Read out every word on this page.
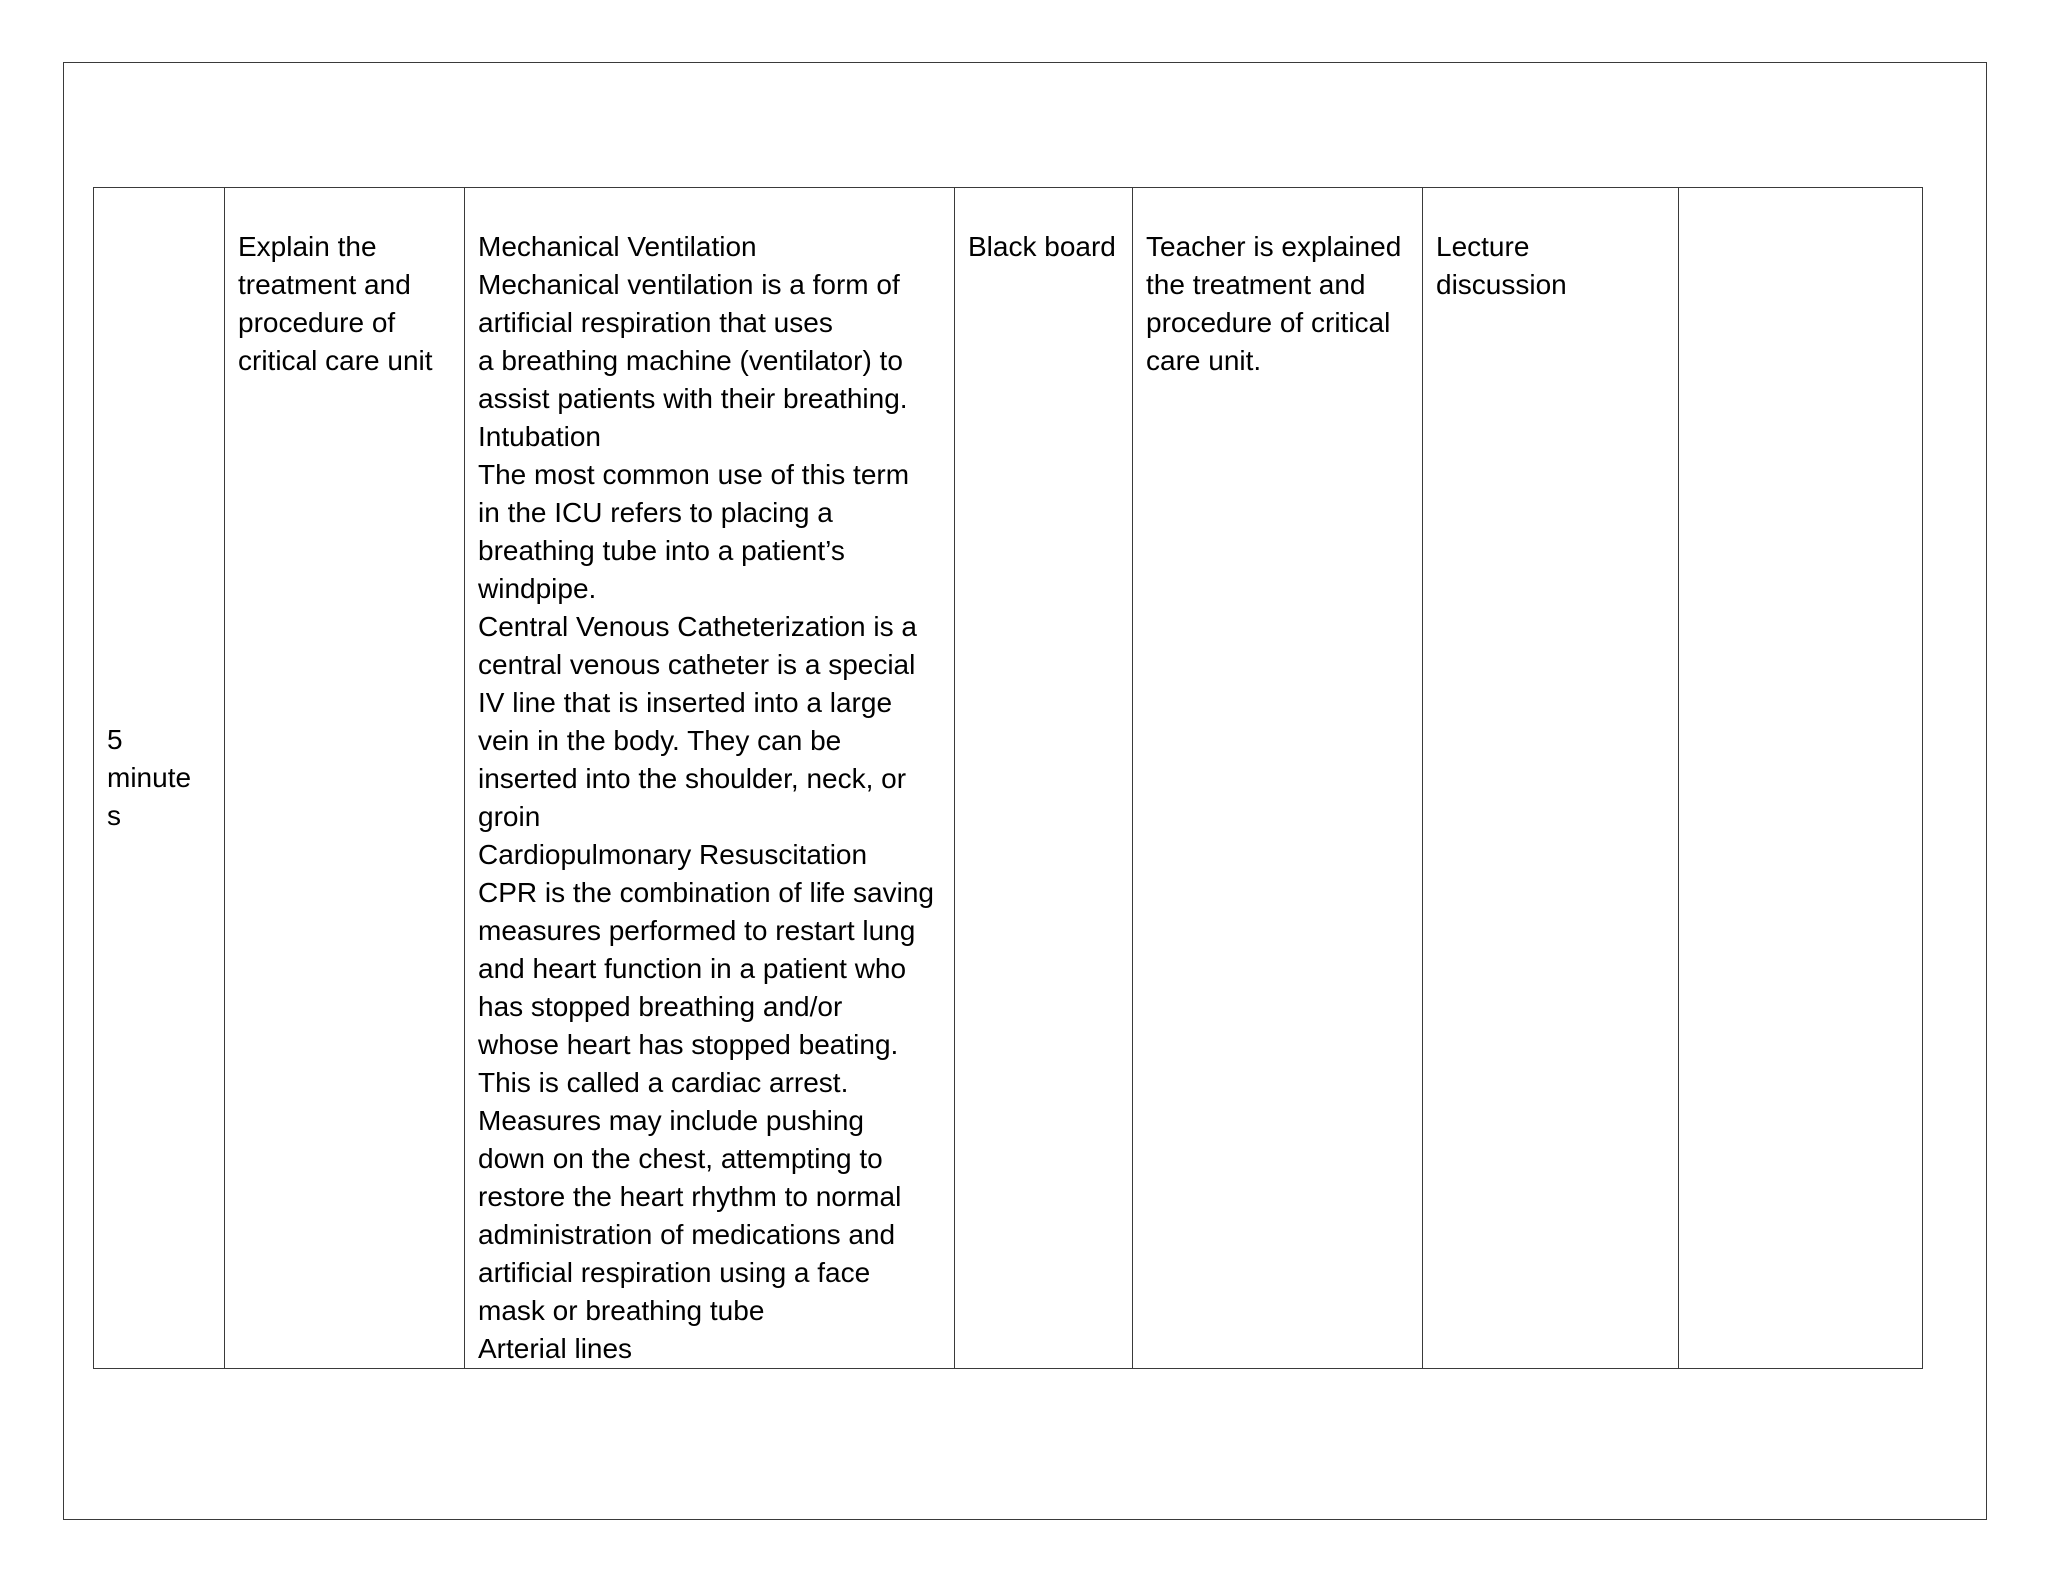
5
minute
s	Explain the
treatment and
procedure of
critical care unit	Mechanical Ventilation
Mechanical ventilation is a form of
artificial respiration that uses
a breathing machine (ventilator) to
assist patients with their breathing.
Intubation
The most common use of this term
in the ICU refers to placing a
breathing tube into a patient’s
windpipe.
Central Venous Catheterization is a
central venous catheter is a special
IV line that is inserted into a large
vein in the body. They can be
inserted into the shoulder, neck, or
groin
Cardiopulmonary Resuscitation
CPR is the combination of life saving
measures performed to restart lung
and heart function in a patient who
has stopped breathing and/or
whose heart has stopped beating.
This is called a cardiac arrest.
Measures may include pushing
down on the chest, attempting to
restore the heart rhythm to normal
administration of medications and
artificial respiration using a face
mask or breathing tube
Arterial lines	Black board	Teacher is explained
the treatment and
procedure of critical
care unit.	Lecture
discussion	
